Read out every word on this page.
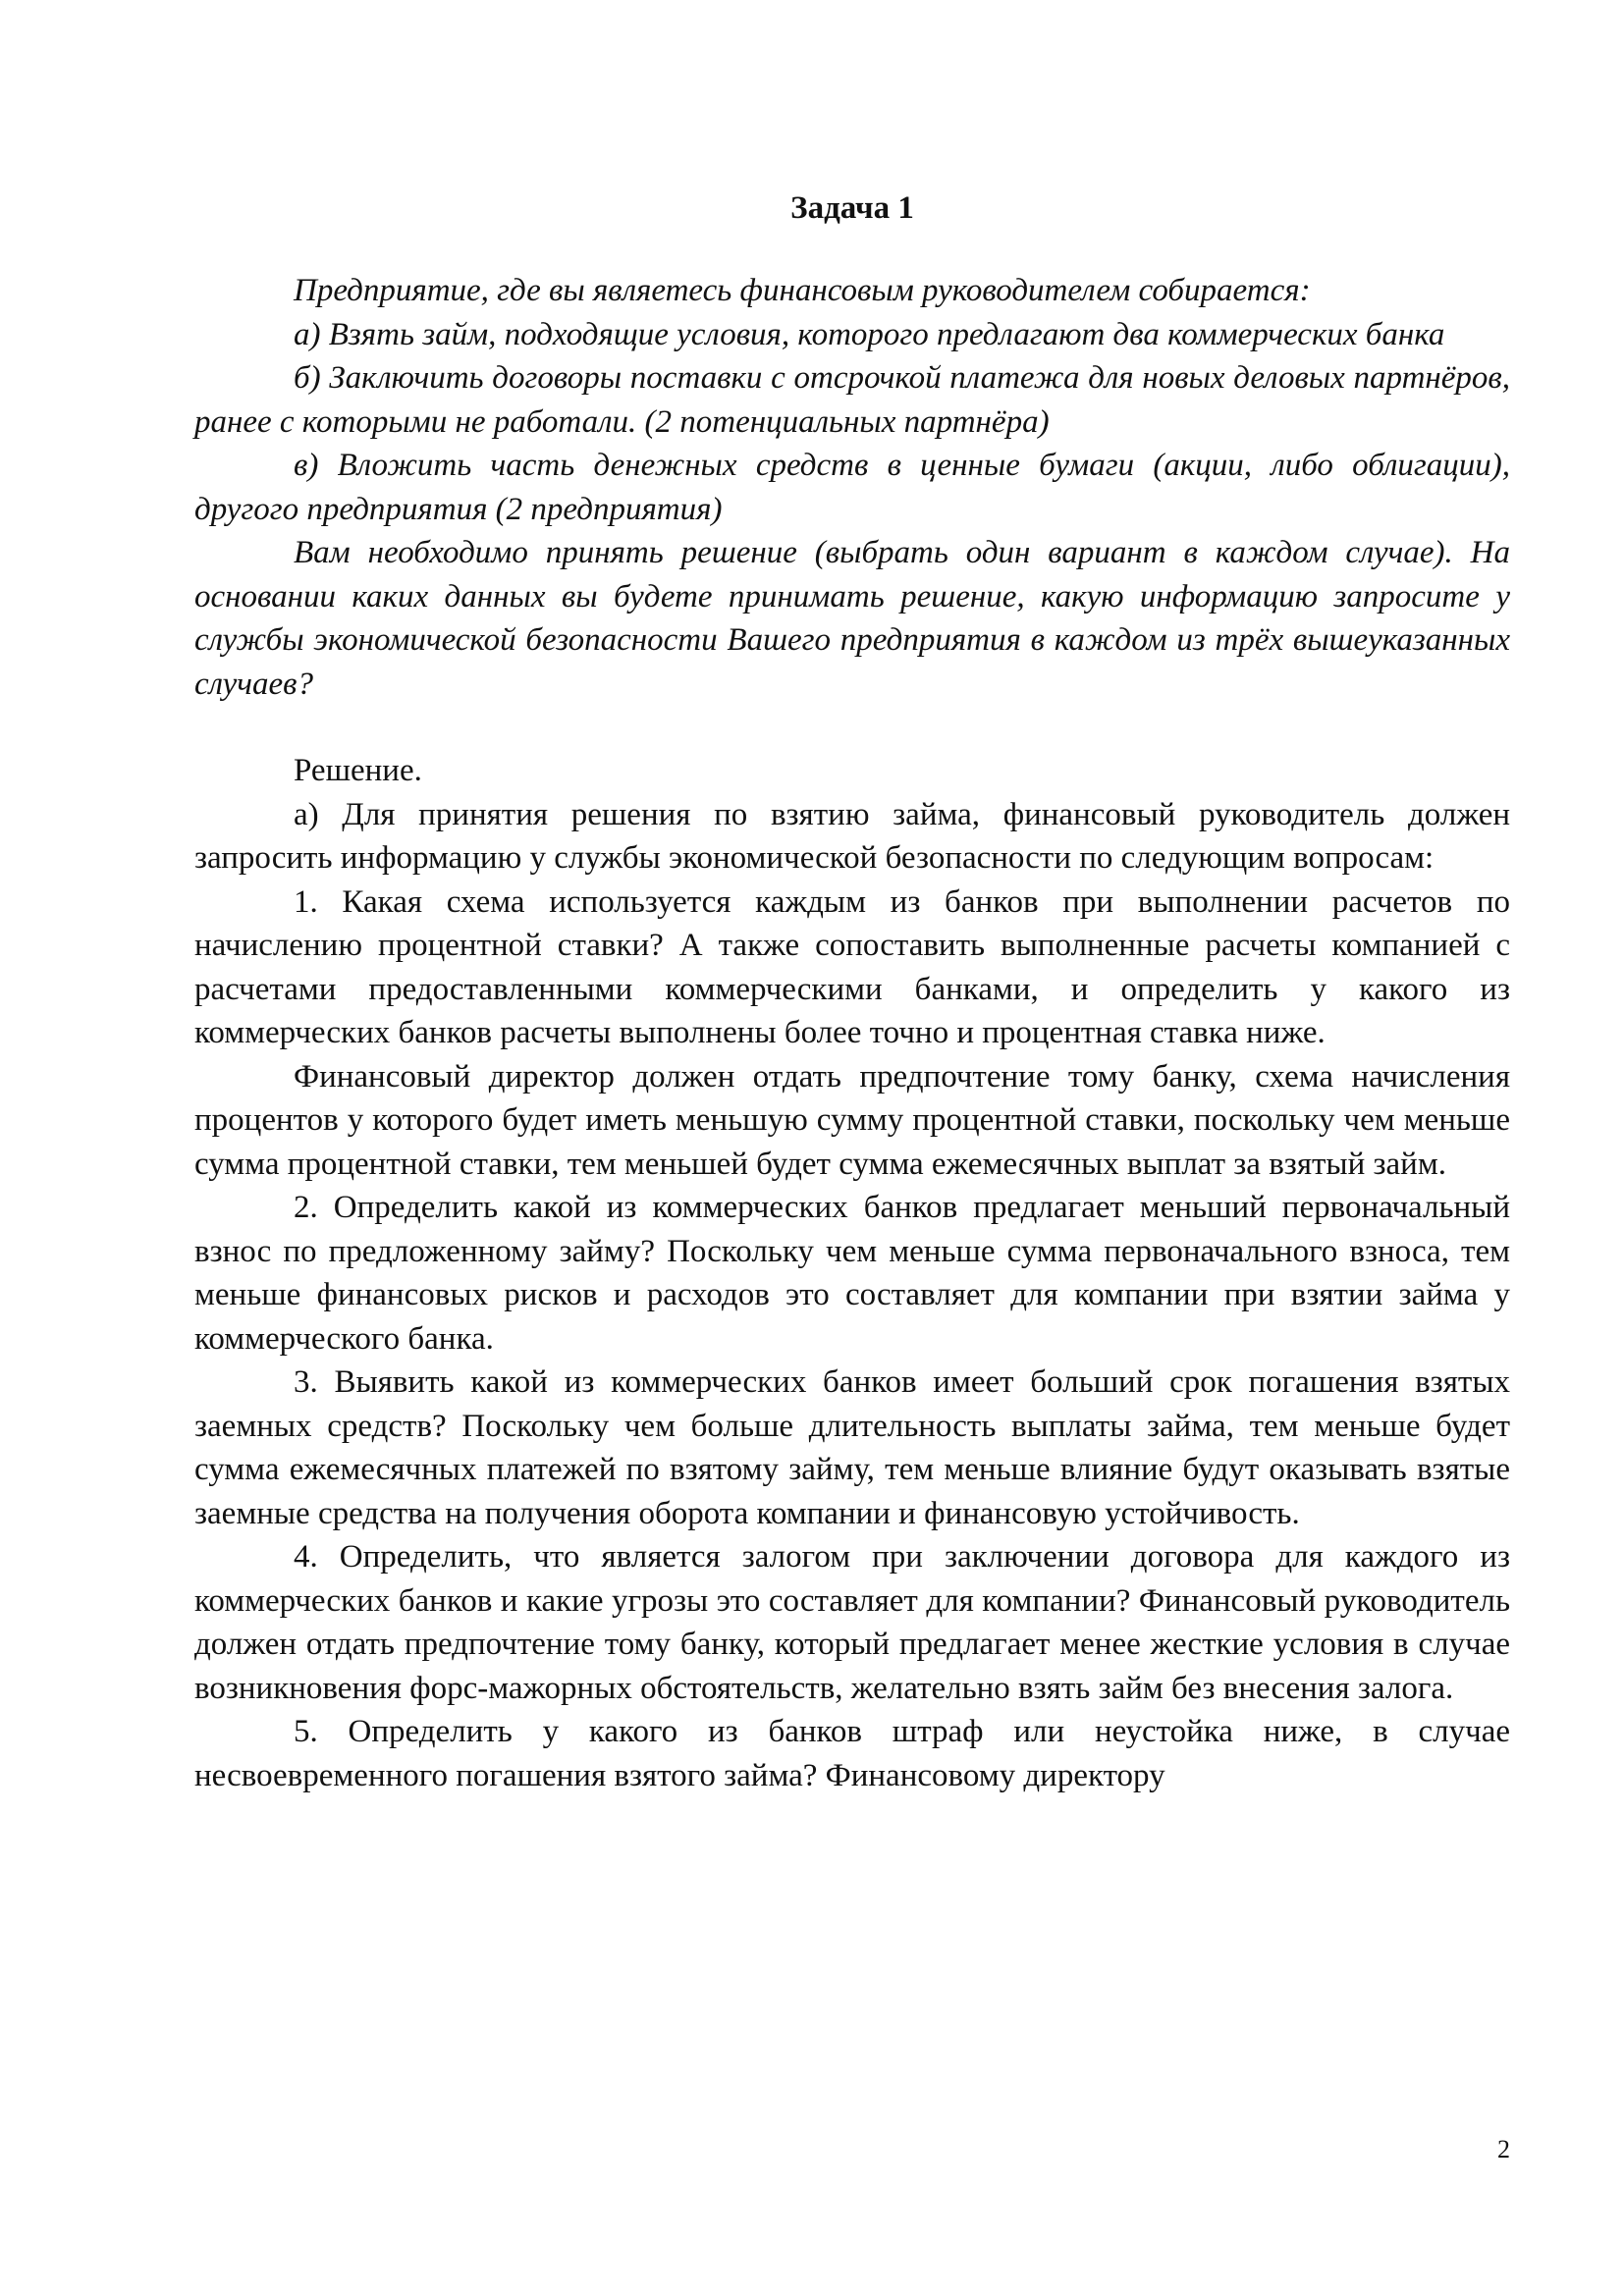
Задача 1

Предприятие, где вы являетесь финансовым руководителем собирается:

а) Взять займ, подходящие условия, которого предлагают два коммерческих банка

б) Заключить договоры поставки с отсрочкой платежа для новых деловых партнёров, ранее с которыми не работали. (2 потенциальных партнёра)

в) Вложить часть денежных средств в ценные бумаги (акции, либо облигации), другого предприятия (2 предприятия)

Вам необходимо принять решение (выбрать один вариант в каждом случае). На основании каких данных вы будете принимать решение, какую информацию запросите у службы экономической безопасности Вашего предприятия в каждом из трёх вышеуказанных случаев?

Решение.

а) Для принятия решения по взятию займа, финансовый руководитель должен запросить информацию у службы экономической безопасности по следующим вопросам:

1. Какая схема используется каждым из банков при выполнении расчетов по начислению процентной ставки? А также сопоставить выполненные расчеты компанией с расчетами предоставленными коммерческими банками, и определить у какого из коммерческих банков расчеты выполнены более точно и процентная ставка ниже.

Финансовый директор должен отдать предпочтение тому банку, схема начисления процентов у которого будет иметь меньшую сумму процентной ставки, поскольку чем меньше сумма процентной ставки, тем меньшей будет сумма ежемесячных выплат за взятый займ.

2. Определить какой из коммерческих банков предлагает меньший первоначальный взнос по предложенному займу? Поскольку чем меньше сумма первоначального взноса, тем меньше финансовых рисков и расходов это составляет для компании при взятии займа у коммерческого банка.

3. Выявить какой из коммерческих банков имеет больший срок погашения взятых заемных средств? Поскольку чем больше длительность выплаты займа, тем меньше будет сумма ежемесячных платежей по взятому займу, тем меньше влияние будут оказывать взятые заемные средства на получения оборота компании и финансовую устойчивость.

4. Определить, что является залогом при заключении договора для каждого из коммерческих банков и какие угрозы это составляет для компании? Финансовый руководитель должен отдать предпочтение тому банку, который предлагает менее жесткие условия в случае возникновения форс-мажорных обстоятельств, желательно взять займ без внесения залога.

5. Определить у какого из банков штраф или неустойка ниже, в случае несвоевременного погашения взятого займа? Финансовому директору

2
